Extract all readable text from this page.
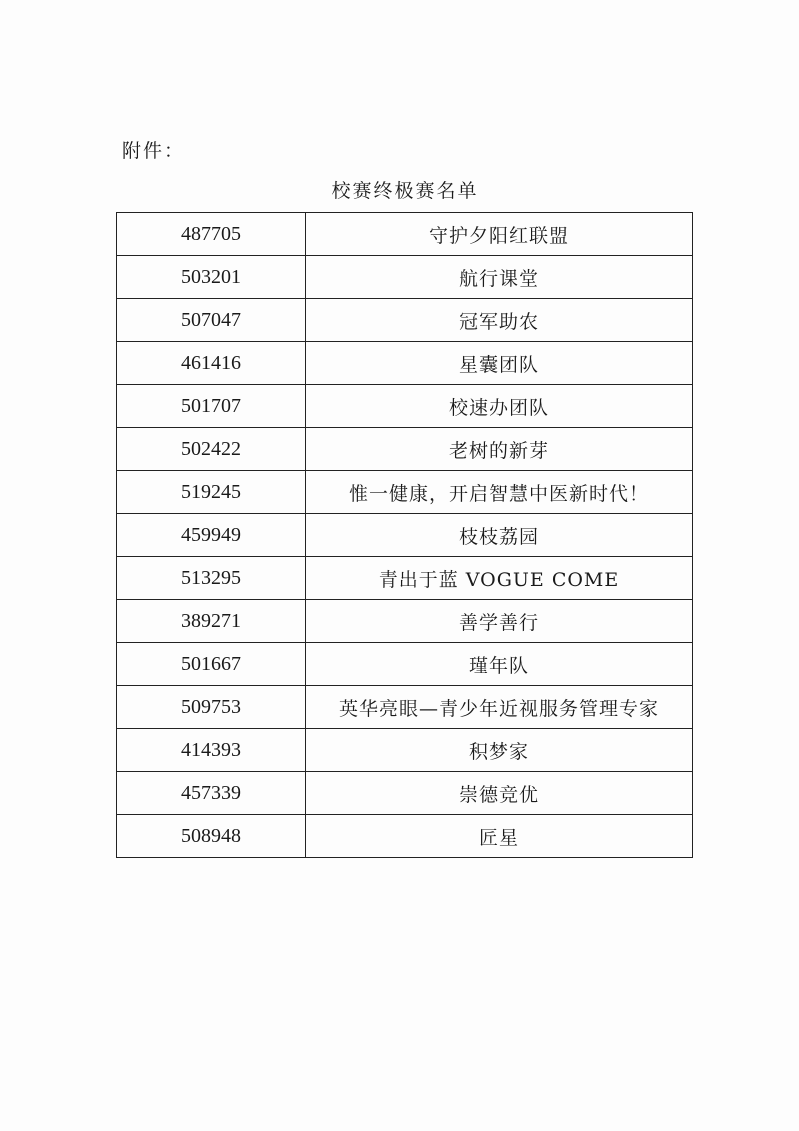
附件：
校赛终极赛名单
487705	守护夕阳红联盟
503201	航行课堂
507047	冠军助农
461416	星囊团队
501707	校速办团队
502422	老树的新芽
519245	惟一健康，开启智慧中医新时代！
459949	枝枝荔园
513295	青出于蓝 VOGUE COME
389271	善学善行
501667	瑾年队
509753	英华亮眼—青少年近视服务管理专家
414393	积梦家
457339	崇德竞优
508948	匠星
